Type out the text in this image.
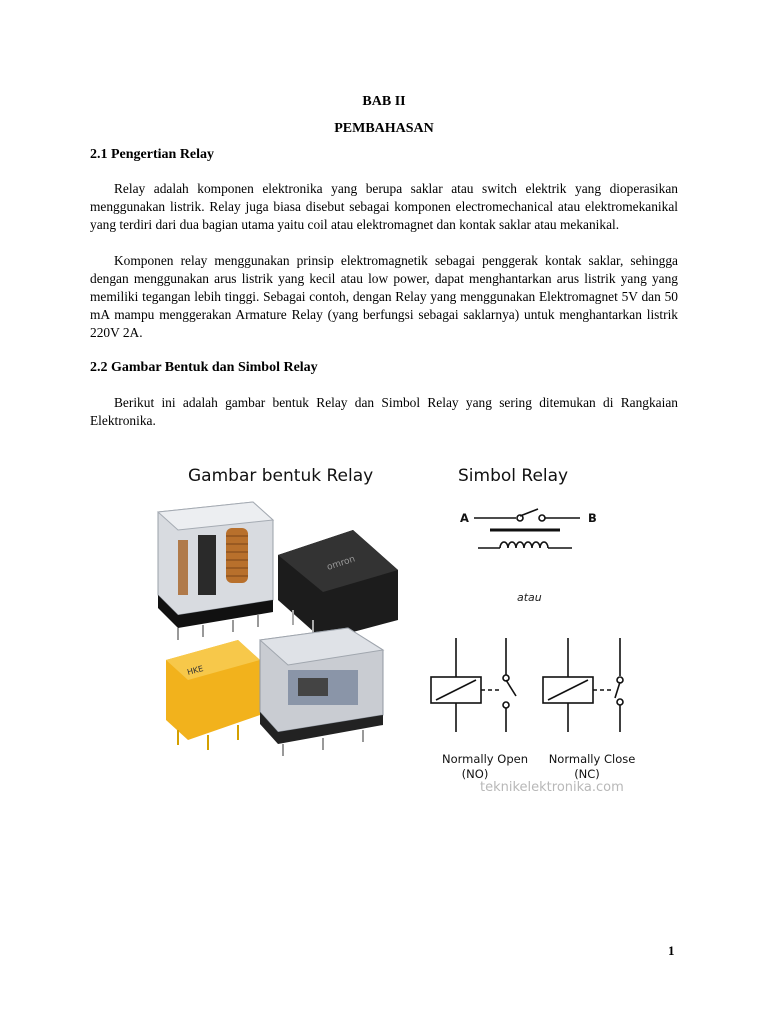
BAB II
PEMBAHASAN
2.1 Pengertian Relay

Relay adalah komponen elektronika yang berupa saklar atau switch elektrik yang dioperasikan menggunakan listrik. Relay juga biasa disebut sebagai komponen electromechanical atau elektromekanikal yang terdiri dari dua bagian utama yaitu coil atau elektromagnet dan kontak saklar atau mekanikal.

Komponen relay menggunakan prinsip elektromagnetik sebagai penggerak kontak saklar, sehingga dengan menggunakan arus listrik yang kecil atau low power, dapat menghantarkan arus listrik yang yang memiliki tegangan lebih tinggi. Sebagai contoh, dengan Relay yang menggunakan Elektromagnet 5V dan 50 mA mampu menggerakan Armature Relay (yang berfungsi sebagai saklarnya) untuk menghantarkan listrik 220V 2A.

2.2 Gambar Bentuk dan Simbol Relay

Berikut ini adalah gambar bentuk Relay dan Simbol Relay yang sering ditemukan di Rangkaian Elektronika.

Gambar bentuk Relay	Simbol Relay
omron
HKE
A	B
atau
Normally Open
(NO)
Normally Close
(NC)
teknikelektronika.com
1
